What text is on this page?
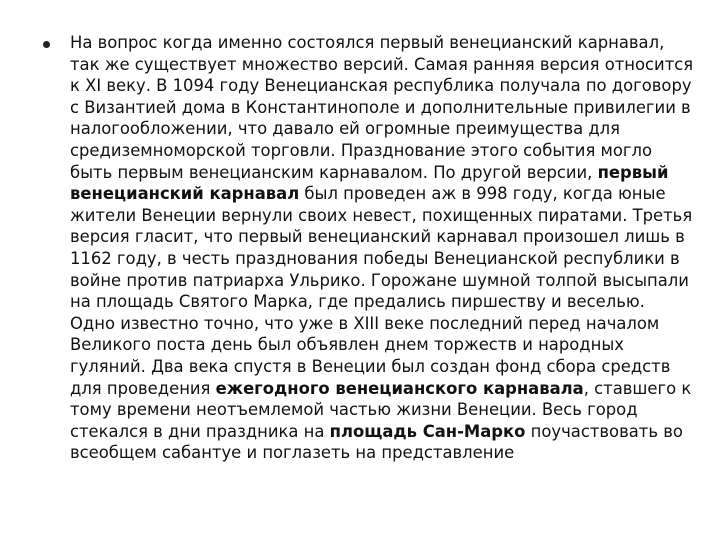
На вопрос когда именно состоялся первый венецианский карнавал, так же существует множество версий. Самая ранняя версия относится к XI веку. В 1094 году Венецианская республика получала по договору с Византией дома в Константинополе и дополнительные привилегии в налогообложении, что давало ей огромные преимущества для средиземноморской торговли. Празднование этого события могло быть первым венецианским карнавалом. По другой версии, первый венецианский карнавал был проведен аж в 998 году, когда юные жители Венеции вернули своих невест, похищенных пиратами. Третья версия гласит, что первый венецианский карнавал произошел лишь в 1162 году, в честь празднования победы Венецианской республики в войне против патриарха Ульрико. Горожане шумной толпой высыпали на площадь Святого Марка, где предались пиршеству и веселью. Одно известно точно, что уже в XIII веке последний перед началом Великого поста день был объявлен днем торжеств и народных гуляний. Два века спустя в Венеции был создан фонд сбора средств для проведения ежегодного венецианского карнавала, ставшего к тому времени неотъемлемой частью жизни Венеции. Весь город стекался в дни праздника на площадь Сан-Марко поучаствовать во всеобщем сабантуе и поглазеть на представление
